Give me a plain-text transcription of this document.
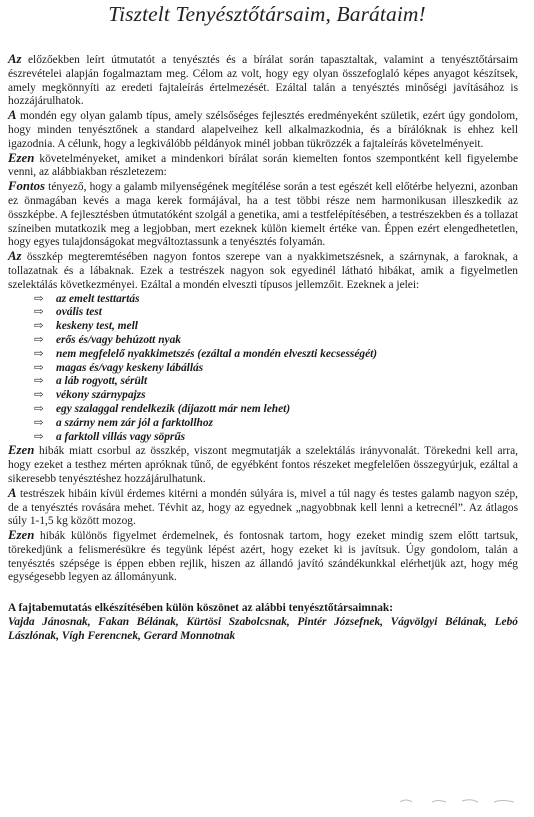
Tisztelt Tenyésztőtársaim, Barátaim!

Az előzőekben leírt útmutatót a tenyésztés és a bírálat során tapasztaltak, valamint a tenyésztőtársaim észrevételei alapján fogalmaztam meg. Célom az volt, hogy egy olyan összefoglaló képes anyagot készítsek, amely megkönnyíti az eredeti fajtaleírás értelmezését. Ezáltal talán a tenyésztés minőségi javításához is hozzájárulhatok.

A mondén egy olyan galamb típus, amely szélsőséges fejlesztés eredményeként születik, ezért úgy gondolom, hogy minden tenyésztőnek a standard alapelveihez kell alkalmazkodnia, és a bírálóknak is ehhez kell igazodnia. A célunk, hogy a legkiválóbb példányok minél jobban tükrözzék a fajtaleírás követelményeit.

Ezen követelményeket, amiket a mindenkori bírálat során kiemelten fontos szempontként kell figyelembe venni, az alábbiakban részletezem:

Fontos tényező, hogy a galamb milyenségének megítélése során a test egészét kell előtérbe helyezni, azonban ez önmagában kevés a maga kerek formájával, ha a test többi része nem harmonikusan illeszkedik az összképbe. A fejlesztésben útmutatóként szolgál a genetika, ami a testfelépítésében, a testrészekben és a tollazat színeiben mutatkozik meg a legjobban, mert ezeknek külön kiemelt értéke van. Éppen ezért elengedhetetlen, hogy egyes tulajdonságokat megváltoztassunk a tenyésztés folyamán.

Az összkép megteremtésében nagyon fontos szerepe van a nyakkimetszésnek, a szárnynak, a faroknak, a tollazatnak és a lábaknak. Ezek a testrészek nagyon sok egyedinél látható hibákat, amik a figyelmetlen szelektálás következményei. Ezáltal a mondén elveszti típusos jellemzőit. Ezeknek a jelei:

⇨ az emelt testtartás
⇨ ovális test
⇨ keskeny test, mell
⇨ erős és/vagy behúzott nyak
⇨ nem megfelelő nyakkimetszés (ezáltal a mondén elveszti kecsességét)
⇨ magas és/vagy keskeny lábállás
⇨ a láb rogyott, sérült
⇨ vékony szárnypajzs
⇨ egy szalaggal rendelkezik (díjazott már nem lehet)
⇨ a szárny nem zár jól a farktollhoz
⇨ a farktoll villás vagy söprűs

Ezen hibák miatt csorbul az összkép, viszont megmutatják a szelektálás irányvonalát. Törekedni kell arra, hogy ezeket a testhez mérten apróknak tűnő, de egyébként fontos részeket megfelelően összegyúrjuk, ezáltal a sikeresebb tenyésztéshez hozzájárulhatunk.

A testrészek hibáin kívül érdemes kitérni a mondén súlyára is, mivel a túl nagy és testes galamb nagyon szép, de a tenyésztés rovására mehet. Tévhit az, hogy az egyednek „nagyobbnak kell lenni a ketrecnél”. Az átlagos súly 1-1,5 kg között mozog.

Ezen hibák különös figyelmet érdemelnek, és fontosnak tartom, hogy ezeket mindig szem előtt tartsuk, törekedjünk a felismerésükre és tegyünk lépést azért, hogy ezeket ki is javítsuk. Úgy gondolom, talán a tenyésztés szépsége is éppen ebben rejlik, hiszen az állandó javító szándékunkkal elérhetjük azt, hogy még egységesebb legyen az állományunk.

A fajtabemutatás elkészítésében külön köszönet az alábbi tenyésztőtársaimnak:

Vajda Jánosnak, Fakan Bélának, Kürtösi Szabolcsnak, Pintér Józsefnek, Vágvölgyi Bélának, Lebó Lászlónak, Vígh Ferencnek, Gerard Monnotnak
